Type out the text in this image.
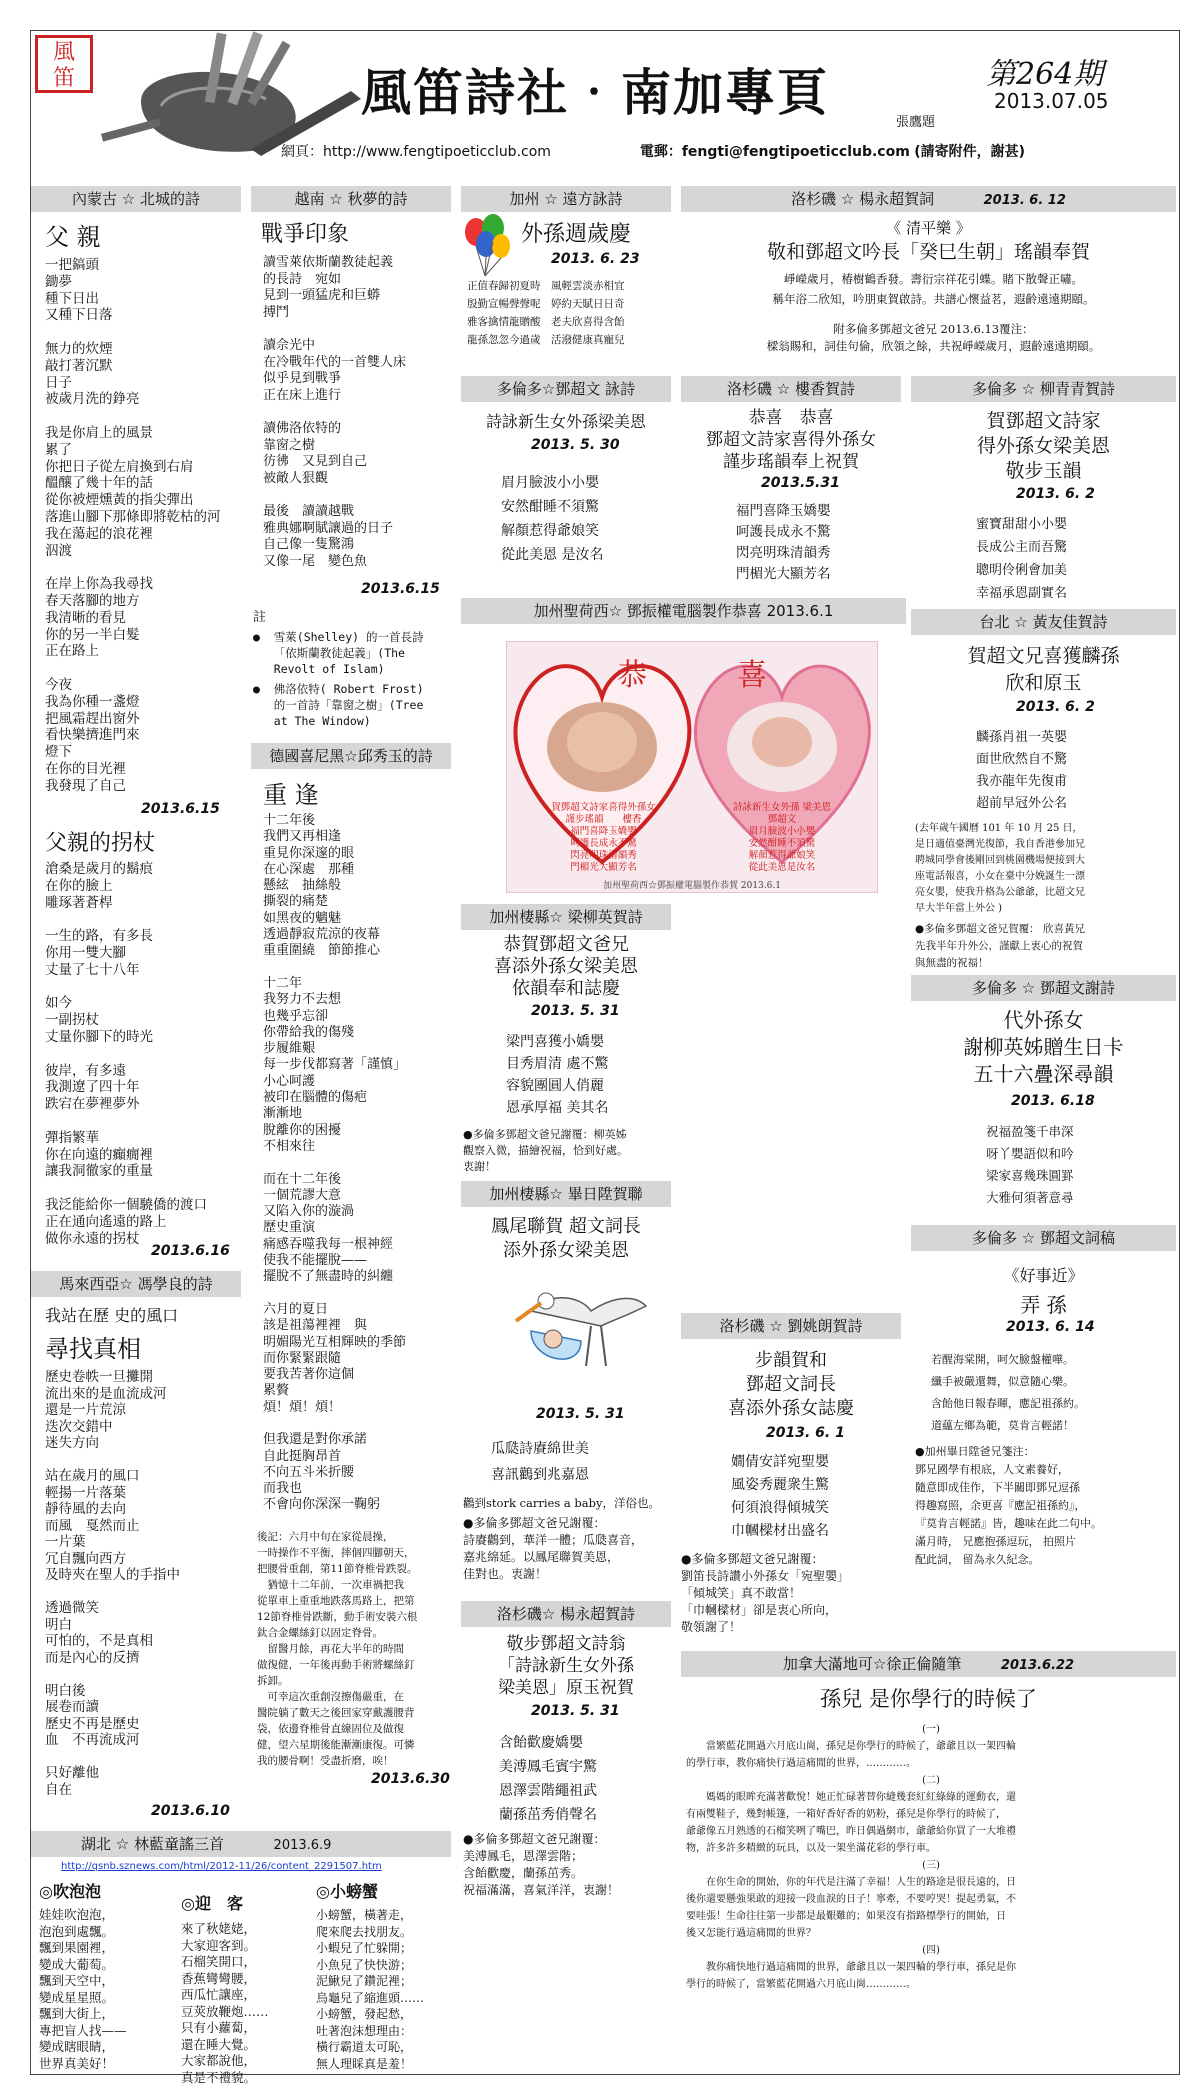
風笛	風笛詩社‧南加專頁
張鷹題
第264期
2013.07.05
網頁：http://www.fengtipoeticclub.com	電郵：fengti@fengtipoeticclub.com (請寄附件，謝甚)
內蒙古 ☆ 北城的詩
父 親
一把鎬頭
鋤夢
種下日出
又種下日落

無力的炊煙
敲打著沉默
日子
被歲月洗的錚亮

我是你肩上的風景
累了
你把日子從左肩換到右肩
醞釀了幾十年的話
從你被煙燻黃的指尖彈出
落進山腳下那條即將乾枯的河
我在蕩起的浪花裡
泅渡

在岸上你為我尋找
春天落腳的地方
我清晰的看見
你的另一半白髮
正在路上

今夜
我為你種一盞燈
把風霜趕出窗外
看快樂擠進門來
燈下
在你的目光裡
我發現了自己
2013.6.15
父親的拐杖
滄桑是歲月的鬍痕
在你的臉上
雕琢著蒼桿

一生的路，有多長
你用一雙大腳
丈量了七十八年

如今
一副拐杖
丈量你腳下的時光

彼岸，有多遠
我測遼了四十年
跌宕在夢裡夢外

彈指繁華
你在向遠的癲癇裡
讓我洞徹家的重量

我泛能給你一個驍僑的渡口
正在通向遙遠的路上
做你永遠的拐杖
2013.6.16
馬來西亞☆ 馮學良的詩
我站在歷 史的風口
尋找真相
歷史卷帙一旦攤開
流出來的是血流成河
還是一片荒涼
迭次交錯中
迷失方向

站在歲月的風口
輕揚一片落葉
靜待風的去向
而風　戛然而止
一片葉
冗自飄向西方
及時夾在聖人的手指中

透過微笑
明白
可怕的，不是真相
而是內心的反擠

明白後
展卷而讀
歷史不再是歷史
血　不再流成河

只好離他
自在
2013.6.10
越南 ☆ 秋夢的詩
戰爭印象
讀雪萊依斯蘭教徒起義
的長詩　宛如
見到一頭猛虎和巨蟒
搏鬥

讀佘光中
在冷戰年代的一首雙人床
似乎見到戰爭
正在床上進行

讀佛洛依特的
靠窗之樹
彷彿　又見到自己
被敵人狠觀

最後　讀讀越戰
雅典娜啊賦讓過的日子
自己像一隻驚鴻
又像一尾　變色魚
2013.6.15
註
●  雪萊(Shelley) 的一首長詩
「依斯蘭教徒起義」(The
Revolt of Islam)
●  佛洛依特( Robert Frost)
的一首詩「靠窗之樹」(Tree
at The Window)
德國喜尼黑☆邱秀玉的詩
重 逢
十二年後
我們又再相逢
重見你深邃的眼
在心深處　那種
懸絃　抽絲般
撕裂的痛楚
如黑夜的魑魅
透過靜寂荒涼的夜幕
重重圍繞　節節推心

十二年
我努力不去想
也幾乎忘卻
你帶給我的傷殘
步履維艱
每一步伐都寫著「謹慎」
小心呵護
被印在腦體的傷疤
漸漸地
脫離你的困擾
不相來往

而在十二年後
一個荒謬大意
又陷入你的漩渦
歷史重演
痛感吞噬我每一根神經
使我不能擺脫——
擺脫不了無盡時的糾纏

六月的夏日
該是祖蕩裡裡　與
明媚陽光互相輝映的季節
而你緊緊跟隨
要我苦著你這個
累贅
煩！煩！煩！

但我還是對你承諾
自此挺胸昂首
不向五斗米折腰
而我也
不會向你深深一鞠躬
後記：六月中旬在家從晨操，
一時操作不平衡，摔個四腳朝天，
把腰骨重創，第11節脊椎骨跌裂。
　猶憶十二年前，一次車禍把我
從單車上重重地跌落馬路上，把第
12節脊椎骨跌斷，動手術安裝六根
鈦合金螺絲釘以固定脊骨。
　留醫月餘，再花大半年的時間
做復健，一年後再動手術將螺絲釘
拆卸。
　可幸這次重創沒擦傷嚴重，在
醫院躺了數天之後回家穿戴護腰背
袋，依邊脊椎骨直線固位及做復
健，望六星期後能漸漸康復。可憐
我的腰骨啊！受盡折磨，唉！
2013.6.30
加州 ☆ 遠方詠詩
外孫週歲慶
2013. 6. 23
正值春歸初夏時　風輕雲淡赤相宜
殷勤宣暢聲聲呢　婷約天賦日日奇
雅客擒情龍贈酸　老夫欣喜得含飴
龍孫忽忽今過歲　活潑健康真寵兒
多倫多☆鄧超文 詠詩
詩詠新生女外孫梁美恩
2013. 5. 30
眉月臉波小小嬰
安然酣睡不須驚
解顏惹得爺娘笑
從此美恩 是汝名
加州聖荷西☆ 鄧振權電腦製作恭喜 2013.6.1
恭	喜
賀鄧超文詩家喜得外孫女
謹步瑤韻　　樓香
福門喜降玉嬌嬰
呵護長成永不驚
閃亮明珠清韻秀
門楣光大顯芳名
詩詠新生女外孫 梁美恩
鄧超文
眉月臉波小小嬰
安然酣睡不須驚
解顏惹得爺娘笑
從此美恩是汝名
加州聖荷西☆鄧振權電腦製作恭賀 2013.6.1
加州棲縣☆ 梁柳英賀詩
恭賀鄧超文爸兄
喜添外孫女梁美恩
依韻奉和誌慶
2013. 5. 31
梁門喜獲小嬌嬰
目秀眉清 處不驚
容貌團圓人俏麗
恩承厚福 美其名
●多倫多鄧超文爸兄謝覆：柳英姊
觀察入微，描繪祝福，恰到好處。
衷謝！
加州棲縣☆ 畢日陞賀聯
鳳尾聯賀 超文詞長
添外孫女梁美恩
2013. 5. 31
瓜瓞詩賡綿世美
喜訊鸛到兆嘉恩
鸛到stork carries a baby，洋俗也。
●多倫多鄧超文爸兄謝覆：
詩賡鸛到，華洋一體；瓜瓞喜音，
嘉兆綿延。以鳳尾聯賀美恩，
佳對也。衷謝！
洛杉磯☆ 楊永超賀詩
敬步鄧超文詩翁
「詩詠新生女外孫
梁美恩」原玉祝賀
2013. 5. 31
含飴歡慶嬌嬰
美溥鳳毛賓宇驚
恩澤雲階繩祖武
蘭孫茁秀俏聲名
●多倫多鄧超文爸兄謝覆：
美溥鳳毛，恩澤雲階；
含飴歡慶，蘭孫茁秀。
祝福滿滿，喜氣洋洋，衷謝！
洛杉磯 ☆ 楊永超賀詞	2013. 6. 12
《 清平樂 》
敬和鄧超文吟長「癸巳生朝」瑤韻奉賀
崢嶸歲月，椿樹鶴香發。壽衍宗祥花引蝶。賭下散聲正嘯。
稱年浴二欣知，吟朋東賀啟詩。共譜心懷益茗，遐齡遠遠期頤。
附多倫多鄧超文爸兄 2013.6.13覆注：
樑翁賜和，詞佳句倫，欣領之餘，共祝崢嶸歲月，遐齡遠遠期頤。
洛杉磯 ☆ 樓香賀詩
恭喜　恭喜
鄧超文詩家喜得外孫女
謹步瑤韻奉上祝賀
2013.5.31
福門喜降玉嬌嬰
呵護長成永不驚
閃亮明珠清韻秀
門楣光大顯芳名
洛杉磯 ☆ 劉姚朗賀詩
步韻賀和
鄧超文詞長
喜添外孫女誌慶
2013. 6. 1
嫺倩安詳宛聖嬰
風姿秀麗衆生驚
何須浪得傾城笑
巾幗樑材出盛名
●多倫多鄧超文爸兄謝覆：
劉笛長詩讚小外孫女「宛聖嬰」
「傾城笑」真不敢當！
「巾幗樑材」卻是衷心所向，
敬領謝了！
多倫多 ☆ 柳青青賀詩
賀鄧超文詩家
得外孫女梁美恩
敬步玉韻
2013. 6. 2
蜜寶甜甜小小嬰
長成公主而吾驚
聰明伶俐會加美
幸福承恩副實名
台北 ☆ 黃友佳賀詩
賀超文兄喜獲麟孫
欣和原玉
2013. 6. 2
麟孫肖祖一英嬰
面世欣然自不驚
我亦龍年先復甫
超前早冠外公名
(去年歲午國曆 101 年 10 月 25 日，
是日適值臺灣光復節，我自香港參加兄
聘城同學會後剛回到桃園機場便接到大
座電話報喜，小女在臺中分娩誕生一漂
亮女嬰，使我升格為公爺爺，比超文兄
早大半年當上外公 )
●多倫多鄧超文爸兄賀覆： 欣喜黃兄
先我半年升外公，謹獻上衷心的祝賀
與無盡的祝福！
多倫多 ☆ 鄧超文謝詩
代外孫女
謝柳英姊贈生日卡
五十六疊深尋韻
2013. 6.18
祝福盈箋千串深
呀丫嬰語似和吟
梁家喜幾珠圓罫
大雅何須著意尋
多倫多 ☆ 鄧超文詞稿
《好事近》
弄 孫
2013. 6. 14
若醒海棠開，呵欠臉盤權嘩。
纖手被嚴還舞，似意隨心樂。
含飴他日報春暉，應記祖孫約。
道蘊左鄉為範，莫肯言輕諾！
●加州畢日陞爸兄箋注：
鄧兄國學有根底，人文素養好，
隨意即成佳作，下半關即鄧兄逗孫
得趣寫照，余更喜『應記祖孫約』，
『莫肯言輕諾』皆，趣味在此二句中。
滿月時， 兄應抱孫逗玩， 拍照片
配此詞， 留為永久紀念。
湖北 ☆ 林藍童謠三首	2013.6.9
http://qsnb.sznews.com/html/2012-11/26/content_2291507.htm
◎吹泡泡
娃娃吹泡泡，
泡泡到處飄。
飄到果園裡，
變成大葡萄。
飄到天空中，
變成星星照。
飄到大街上，
專把盲人找——
變成瞎眼睛，
世界真美好！
◎迎　客
來了秋姥姥，
大家迎客到。
石榴笑開口，
香蕉彎彎腰，
西瓜忙讓座，
豆莢放鞭炮……
只有小蘿蔔，
還在睡大覺。
大家都說他，
真是不禮貌。
◎小螃蟹
小螃蟹，橫著走，
爬來爬去找朋友。
小蝦兒了忙躲開；
小魚兒了快快游；
泥鰍兒了鑽泥裡；
烏龜兒了縮進頭……
小螃蟹，發起愁，
吐著泡沫想理由：
橫行霸道太可恥，
無人理睬真是羞！
加拿大滿地可☆徐正倫隨筆	2013.6.22
孫兒 是你學行的時候了
(一)
　　當繁藍花開過六月底山崗，孫兒是你學行的時候了，爺爺且以一架四輪
的學行車，教你痛快行過這痛閒的世界，…………。
(二)
　　媽媽的眼眸充滿著歡悅！她正忙碌著替你縫幾套紅紅綠綠的運動衣，還
有兩雙鞋子，幾對帳篷，一箱好香好香的奶粉，孫兒是你學行的時候了，
爺爺像五月熟透的石榴笑咧了嘴巴，昨日偶過網市，爺爺給你買了一大堆禮
物，許多許多精緻的玩具，以及一架坐滿花彩的學行車。
(三)
　　在你生命的開始，你的年代是注滿了幸福！人生的路途是很長遠的，日
後你還要懸強果敢的迎接一段血淚的日子！寧牽，不要哼哭！提起勇氣，不
要哇張！生命往往第一步都是最艱難的；如果沒有指路標學行的開始，日
後又怎能行過這痛閒的世界？
(四)
　　教你痛快地行過這痛閒的世界，爺爺且以一架四輪的學行車，孫兒是你
學行的時候了，當繁藍花開過六月底山崗…………。
